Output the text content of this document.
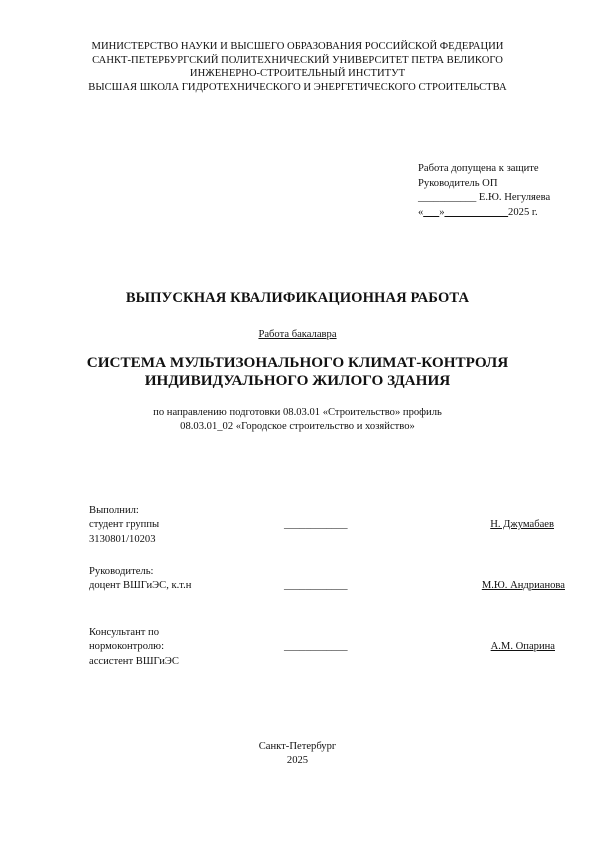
МИНИСТЕРСТВО НАУКИ И ВЫСШЕГО ОБРАЗОВАНИЯ РОССИЙСКОЙ ФЕДЕРАЦИИ
САНКТ-ПЕТЕРБУРГСКИЙ ПОЛИТЕХНИЧЕСКИЙ УНИВЕРСИТЕТ ПЕТРА ВЕЛИКОГО
ИНЖЕНЕРНО-СТРОИТЕЛЬНЫЙ ИНСТИТУТ
ВЫСШАЯ ШКОЛА ГИДРОТЕХНИЧЕСКОГО И ЭНЕРГЕТИЧЕСКОГО СТРОИТЕЛЬСТВА
Работа допущена к защите
Руководитель ОП
___________ Е.Ю. Негуляева
«___»____________2025 г.
ВЫПУСКНАЯ КВАЛИФИКАЦИОННАЯ РАБОТА
Работа бакалавра
СИСТЕМА МУЛЬТИЗОНАЛЬНОГО КЛИМАТ-КОНТРОЛЯ
ИНДИВИДУАЛЬНОГО ЖИЛОГО ЗДАНИЯ
по направлению подготовки 08.03.01 «Строительство» профиль
08.03.01_02 «Городское строительство и хозяйство»
Выполнил:
студент группы
3130801/10203
____________	Н. Джумабаев
Руководитель:
доцент ВШГиЭС, к.т.н	____________	М.Ю. Андрианова
Консультант по
нормоконтролю:
ассистент ВШГиЭС
____________	А.М. Опарина
Санкт-Петербург
2025
